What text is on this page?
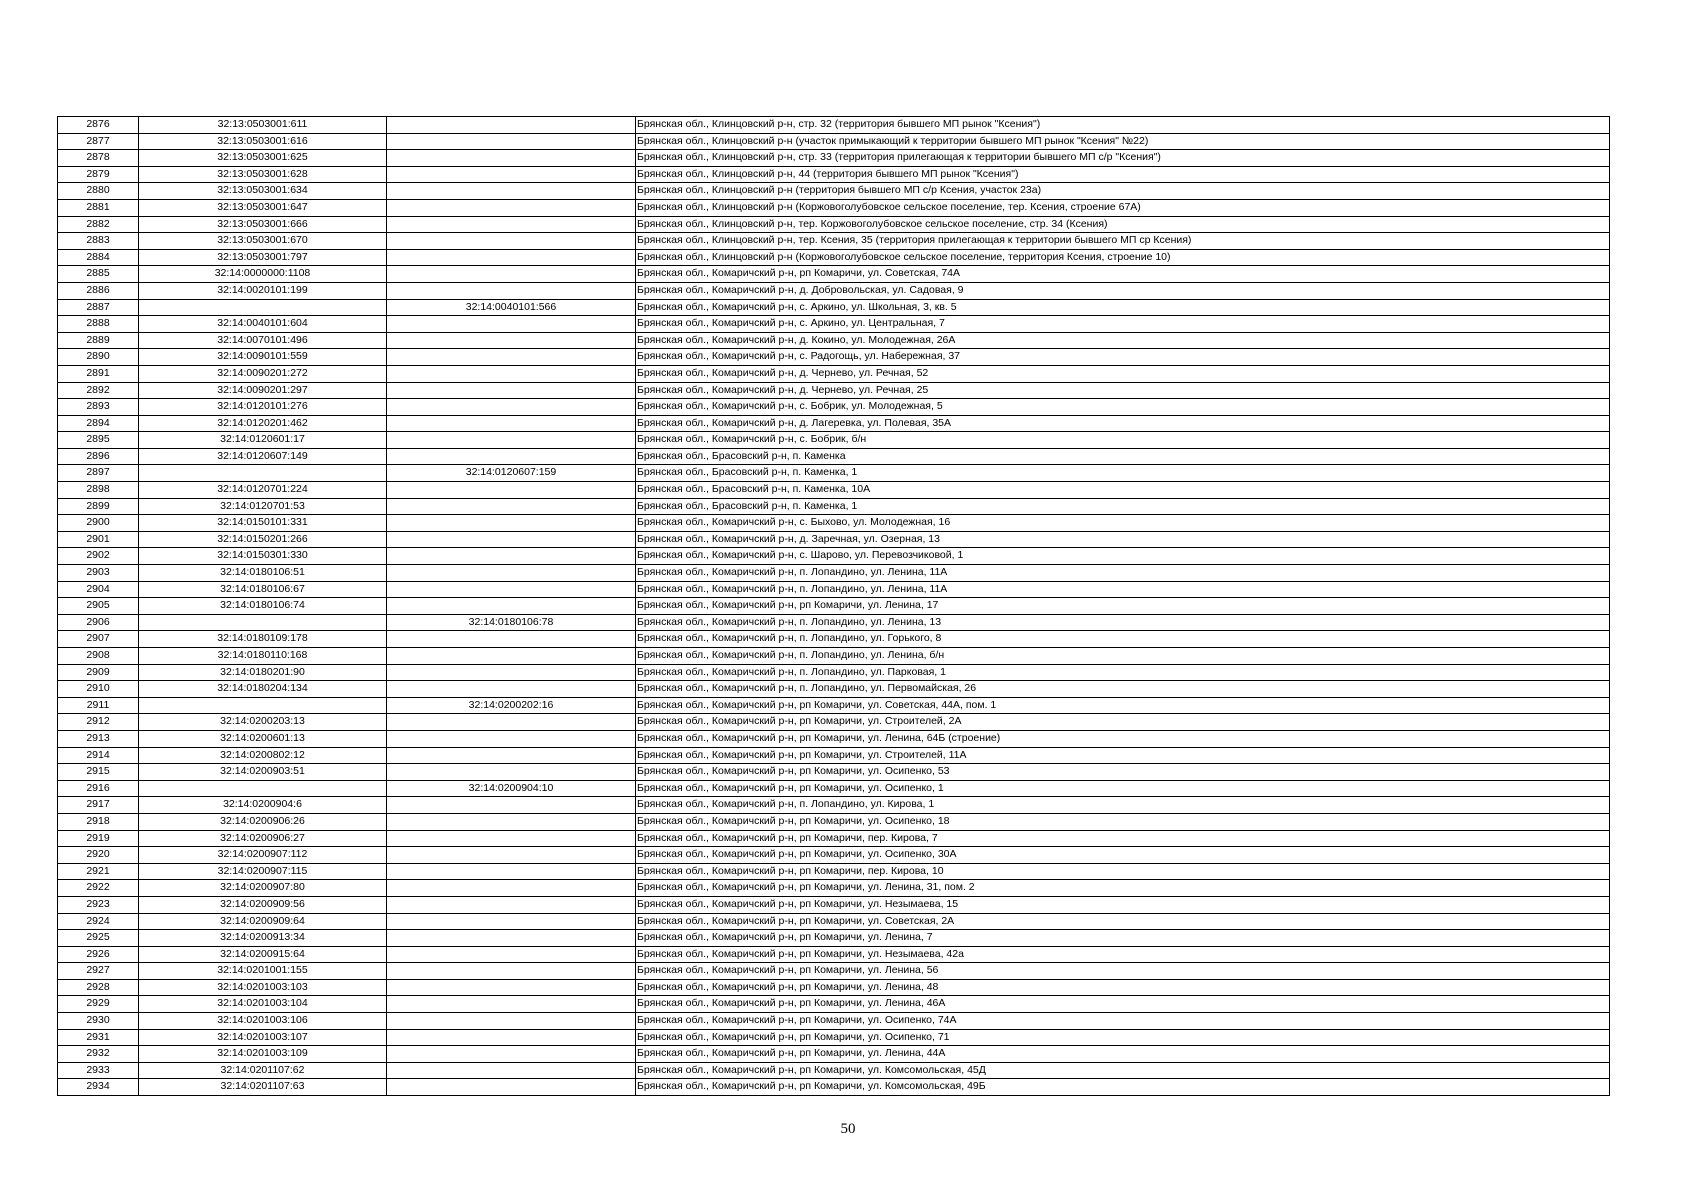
2876	32:13:0503001:611		Брянская обл., Клинцовский р-н, стр. 32 (территория бывшего МП рынок "Ксения")
2877	32:13:0503001:616		Брянская обл., Клинцовский р-н (участок примыкающий к территории бывшего МП рынок "Ксения" №22)
2878	32:13:0503001:625		Брянская обл., Клинцовский р-н, стр. 33 (территория прилегающая к территории бывшего МП с/р "Ксения")
2879	32:13:0503001:628		Брянская обл., Клинцовский р-н, 44 (территория бывшего МП рынок "Ксения")
2880	32:13:0503001:634		Брянская обл., Клинцовский р-н (территория бывшего МП с/р Ксения, участок 23а)
2881	32:13:0503001:647		Брянская обл., Клинцовский р-н (Коржовоголубовское сельское поселение, тер. Ксения, строение 67А)
2882	32:13:0503001:666		Брянская обл., Клинцовский р-н, тер. Коржовоголубовское сельское поселение, стр. 34 (Ксения)
2883	32:13:0503001:670		Брянская обл., Клинцовский р-н, тер. Ксения, 35 (территория прилегающая к территории бывшего МП ср Ксения)
2884	32:13:0503001:797		Брянская обл., Клинцовский р-н (Коржовоголубовское сельское поселение, территория Ксения, строение 10)
2885	32:14:0000000:1108		Брянская обл., Комаричский р-н, рп Комаричи, ул. Советская, 74А
2886	32:14:0020101:199		Брянская обл., Комаричский р-н, д. Добровольская, ул. Садовая, 9
2887		32:14:0040101:566	Брянская обл., Комаричский р-н, с. Аркино, ул. Школьная, 3, кв. 5
2888	32:14:0040101:604		Брянская обл., Комаричский р-н, с. Аркино, ул. Центральная, 7
2889	32:14:0070101:496		Брянская обл., Комаричский р-н, д. Кокино, ул. Молодежная, 26А
2890	32:14:0090101:559		Брянская обл., Комаричский р-н, с. Радогощь, ул. Набережная, 37
2891	32:14:0090201:272		Брянская обл., Комаричский р-н, д. Чернево, ул. Речная, 52
2892	32:14:0090201:297		Брянская обл., Комаричский р-н, д. Чернево, ул. Речная, 25
2893	32:14:0120101:276		Брянская обл., Комаричский р-н, с. Бобрик, ул. Молодежная, 5
2894	32:14:0120201:462		Брянская обл., Комаричский р-н, д. Лагеревка, ул. Полевая, 35А
2895	32:14:0120601:17		Брянская обл., Комаричский р-н, с. Бобрик, б/н
2896	32:14:0120607:149		Брянская обл., Брасовский р-н, п. Каменка
2897		32:14:0120607:159	Брянская обл., Брасовский р-н, п. Каменка, 1
2898	32:14:0120701:224		Брянская обл., Брасовский р-н, п. Каменка, 10А
2899	32:14:0120701:53		Брянская обл., Брасовский р-н, п. Каменка, 1
2900	32:14:0150101:331		Брянская обл., Комаричский р-н, с. Быхово, ул. Молодежная, 16
2901	32:14:0150201:266		Брянская обл., Комаричский р-н, д. Заречная, ул. Озерная, 13
2902	32:14:0150301:330		Брянская обл., Комаричский р-н, с. Шарово, ул. Перевозчиковой, 1
2903	32:14:0180106:51		Брянская обл., Комаричский р-н, п. Лопандино, ул. Ленина, 11А
2904	32:14:0180106:67		Брянская обл., Комаричский р-н, п. Лопандино, ул. Ленина, 11А
2905	32:14:0180106:74		Брянская обл., Комаричский р-н, рп Комаричи, ул. Ленина, 17
2906		32:14:0180106:78	Брянская обл., Комаричский р-н, п. Лопандино, ул. Ленина, 13
2907	32:14:0180109:178		Брянская обл., Комаричский р-н, п. Лопандино, ул. Горького, 8
2908	32:14:0180110:168		Брянская обл., Комаричский р-н, п. Лопандино, ул. Ленина, б/н
2909	32:14:0180201:90		Брянская обл., Комаричский р-н, п. Лопандино, ул. Парковая, 1
2910	32:14:0180204:134		Брянская обл., Комаричский р-н, п. Лопандино, ул. Первомайская, 26
2911		32:14:0200202:16	Брянская обл., Комаричский р-н, рп Комаричи, ул. Советская, 44А, пом. 1
2912	32:14:0200203:13		Брянская обл., Комаричский р-н, рп Комаричи, ул. Строителей, 2А
2913	32:14:0200601:13		Брянская обл., Комаричский р-н, рп Комаричи, ул. Ленина, 64Б (строение)
2914	32:14:0200802:12		Брянская обл., Комаричский р-н, рп Комаричи, ул. Строителей, 11А
2915	32:14:0200903:51		Брянская обл., Комаричский р-н, рп Комаричи, ул. Осипенко, 53
2916		32:14:0200904:10	Брянская обл., Комаричский р-н, рп Комаричи, ул. Осипенко, 1
2917	32:14:0200904:6		Брянская обл., Комаричский р-н, п. Лопандино, ул. Кирова, 1
2918	32:14:0200906:26		Брянская обл., Комаричский р-н, рп Комаричи, ул. Осипенко, 18
2919	32:14:0200906:27		Брянская обл., Комаричский р-н, рп Комаричи, пер. Кирова, 7
2920	32:14:0200907:112		Брянская обл., Комаричский р-н, рп Комаричи, ул. Осипенко, 30А
2921	32:14:0200907:115		Брянская обл., Комаричский р-н, рп Комаричи, пер. Кирова, 10
2922	32:14:0200907:80		Брянская обл., Комаричский р-н, рп Комаричи, ул. Ленина, 31, пом. 2
2923	32:14:0200909:56		Брянская обл., Комаричский р-н, рп Комаричи, ул. Незымаева, 15
2924	32:14:0200909:64		Брянская обл., Комаричский р-н, рп Комаричи, ул. Советская, 2А
2925	32:14:0200913:34		Брянская обл., Комаричский р-н, рп Комаричи, ул. Ленина, 7
2926	32:14:0200915:64		Брянская обл., Комаричский р-н, рп Комаричи, ул. Незымаева, 42а
2927	32:14:0201001:155		Брянская обл., Комаричский р-н, рп Комаричи, ул. Ленина, 56
2928	32:14:0201003:103		Брянская обл., Комаричский р-н, рп Комаричи, ул. Ленина, 48
2929	32:14:0201003:104		Брянская обл., Комаричский р-н, рп Комаричи, ул. Ленина, 46А
2930	32:14:0201003:106		Брянская обл., Комаричский р-н, рп Комаричи, ул. Осипенко, 74А
2931	32:14:0201003:107		Брянская обл., Комаричский р-н, рп Комаричи, ул. Осипенко, 71
2932	32:14:0201003:109		Брянская обл., Комаричский р-н, рп Комаричи, ул. Ленина, 44А
2933	32:14:0201107:62		Брянская обл., Комаричский р-н, рп Комаричи, ул. Комсомольская, 45Д
2934	32:14:0201107:63		Брянская обл., Комаричский р-н, рп Комаричи, ул. Комсомольская, 49Б
50
